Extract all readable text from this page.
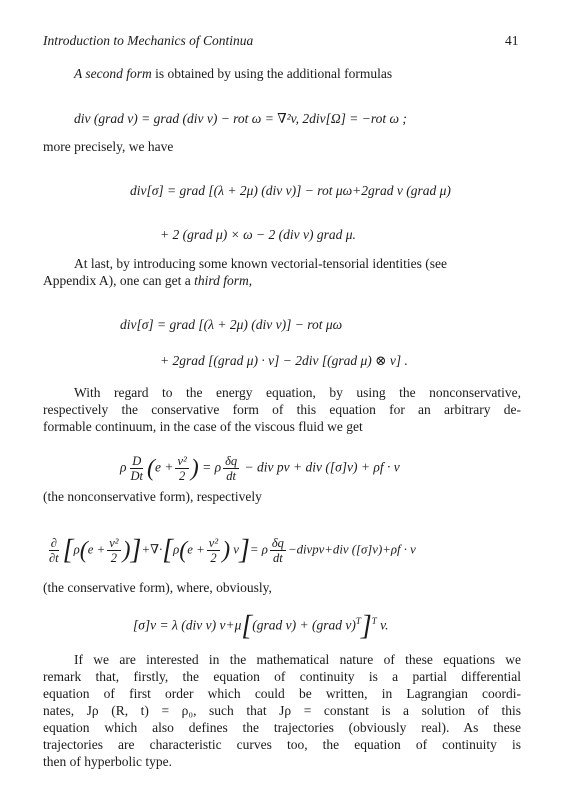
Introduction to Mechanics of Continua	41
A second form is obtained by using the additional formulas
div (grad v) = grad (div v) − rot ω = ∇²v, 2div[Ω] = −rot ω ;
more precisely, we have
div[σ] = grad [(λ + 2μ) (div v)] − rot μω+2grad v (grad μ)
+ 2 (grad μ) × ω − 2 (div v) grad μ.
At last, by introducing some known vectorial-tensorial identities (see
Appendix A), one can get a third form,
div[σ] = grad [(λ + 2μ) (div v)] − rot μω
+ 2grad [(grad μ) · v] − 2div [(grad μ) ⊗ v] .
With regard to the energy equation, by using the nonconservative,
respectively the conservative form of this equation for an arbitrary de-
formable continuum, in the case of the viscous fluid we get
ρ $\frac{D}{Dt} (e + \frac{\text{v²}}{2}$ ) = ρ $\frac{\delta q}{dt}$ − div pv + div ([σ]v) + ρf · v
(the nonconservative form), respectively
$\frac{\partial}{\partial t} [\rho(e + \frac{\text{v²}}{2} )]+\nabla\cdot[\rho(e + \frac{\text{v²}}{2}$ ) v]= ρ $\frac{\delta q}{dt}$ −divpv+div ([σ]v)+ρf · v
(the conservative form), where, obviously,
[σ]v = λ (div v) v+μ[(grad v) + (grad v)$^T$]$^T$ v.
If we are interested in the mathematical nature of these equations we
remark that, firstly, the equation of continuity is a partial differential
equation of first order which could be written, in Lagrangian coordi-
nates, Jρ (R, t) = ρ₀, such that Jρ = constant is a solution of this
equation which also defines the trajectories (obviously real). As these
trajectories are characteristic curves too, the equation of continuity is
then of hyperbolic type.
